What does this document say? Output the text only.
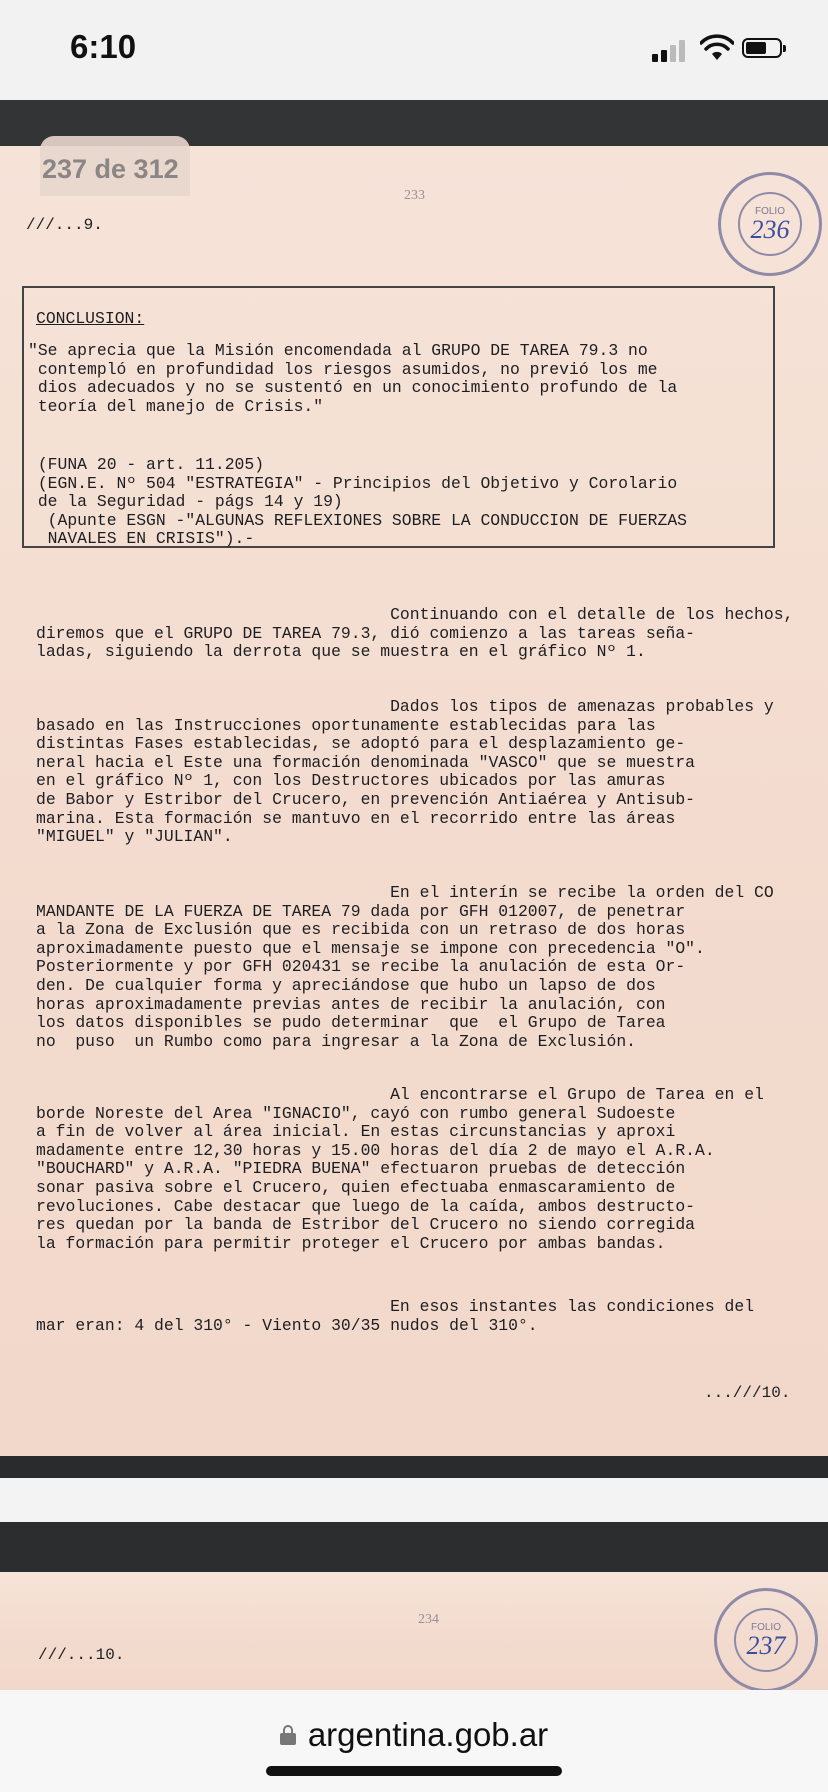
6:10
237 de 312
233
///...9.
FOLIO
236
CONCLUSION:
"Se aprecia que la Misión encomendada al GRUPO DE TAREA 79.3 no
contempló en profundidad los riesgos asumidos, no previó los me
dios adecuados y no se sustentó en un conocimiento profundo de la
teoría del manejo de Crisis."
(FUNA 20 - art. 11.205)
(EGN.E. Nº 504 "ESTRATEGIA" - Principios del Objetivo y Corolario
de la Seguridad - págs 14 y 19)
(Apunte ESGN -"ALGUNAS REFLEXIONES SOBRE LA CONDUCCION DE FUERZAS
NAVALES EN CRISIS").-
Continuando con el detalle de los hechos,
diremos que el GRUPO DE TAREA 79.3, dió comienzo a las tareas seña-
ladas, siguiendo la derrota que se muestra en el gráfico Nº 1.
Dados los tipos de amenazas probables y
basado en las Instrucciones oportunamente establecidas para las
distintas Fases establecidas, se adoptó para el desplazamiento ge-
neral hacia el Este una formación denominada "VASCO" que se muestra
en el gráfico Nº 1, con los Destructores ubicados por las amuras
de Babor y Estribor del Crucero, en prevención Antiaérea y Antisub-
marina. Esta formación se mantuvo en el recorrido entre las áreas
"MIGUEL" y "JULIAN".
En el interín se recibe la orden del CO
MANDANTE DE LA FUERZA DE TAREA 79 dada por GFH 012007, de penetrar
a la Zona de Exclusión que es recibida con un retraso de dos horas
aproximadamente puesto que el mensaje se impone con precedencia "O".
Posteriormente y por GFH 020431 se recibe la anulación de esta Or-
den. De cualquier forma y apreciándose que hubo un lapso de dos
horas aproximadamente previas antes de recibir la anulación, con
los datos disponibles se pudo determinar  que  el Grupo de Tarea
no  puso  un Rumbo como para ingresar a la Zona de Exclusión.
Al encontrarse el Grupo de Tarea en el
borde Noreste del Area "IGNACIO", cayó con rumbo general Sudoeste
a fin de volver al área inicial. En estas circunstancias y aproxi
madamente entre 12,30 horas y 15.00 horas del día 2 de mayo el A.R.A.
"BOUCHARD" y A.R.A. "PIEDRA BUENA" efectuaron pruebas de detección
sonar pasiva sobre el Crucero, quien efectuaba enmascaramiento de
revoluciones. Cabe destacar que luego de la caída, ambos destructo-
res quedan por la banda de Estribor del Crucero no siendo corregida
la formación para permitir proteger el Crucero por ambas bandas.
En esos instantes las condiciones del
mar eran: 4 del 310° - Viento 30/35 nudos del 310°.
...///10.
234
///...10.
FOLIO
237
argentina.gob.ar
